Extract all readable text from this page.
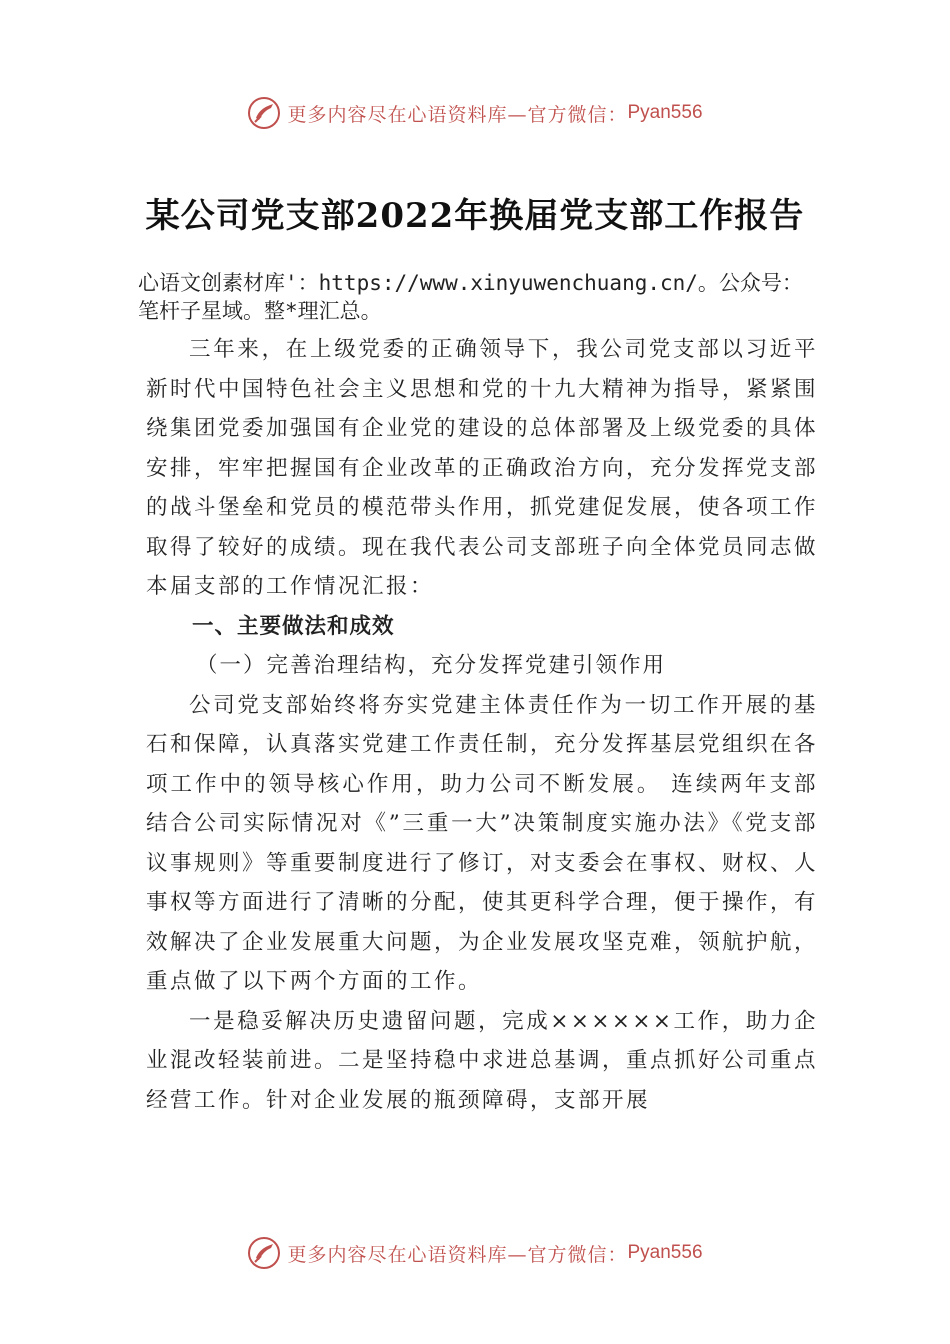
更多内容尽在心语资料库—官方微信： Pyan556
某公司党支部2022年换届党支部工作报告
心语文创素材库'：https://www.xinyuwenchuang.cn/。公众号：
笔杆子星域。整*理汇总。

三年来，在上级党委的正确领导下，我公司党支部以习近平新时代中国特色社会主义思想和党的十九大精神为指导，紧紧围绕集团党委加强国有企业党的建设的总体部署及上级党委的具体安排，牢牢把握国有企业改革的正确政治方向，充分发挥党支部的战斗堡垒和党员的模范带头作用，抓党建促发展，使各项工作取得了较好的成绩。现在我代表公司支部班子向全体党员同志做本届支部的工作情况汇报：

一、主要做法和成效
（一）完善治理结构，充分发挥党建引领作用

公司党支部始终将夯实党建主体责任作为一切工作开展的基石和保障，认真落实党建工作责任制，充分发挥基层党组织在各项工作中的领导核心作用，助力公司不断发展。 连续两年支部结合公司实际情况对《”三重一大”决策制度实施办法》《党支部议事规则》等重要制度进行了修订，对支委会在事权、财权、人事权等方面进行了清晰的分配，使其更科学合理，便于操作，有效解决了企业发展重大问题，为企业发展攻坚克难，领航护航，重点做了以下两个方面的工作。

一是稳妥解决历史遗留问题，完成××××××工作，助力企业混改轻装前进。二是坚持稳中求进总基调，重点抓好公司重点经营工作。针对企业发展的瓶颈障碍，支部开展

更多内容尽在心语资料库—官方微信： Pyan556
